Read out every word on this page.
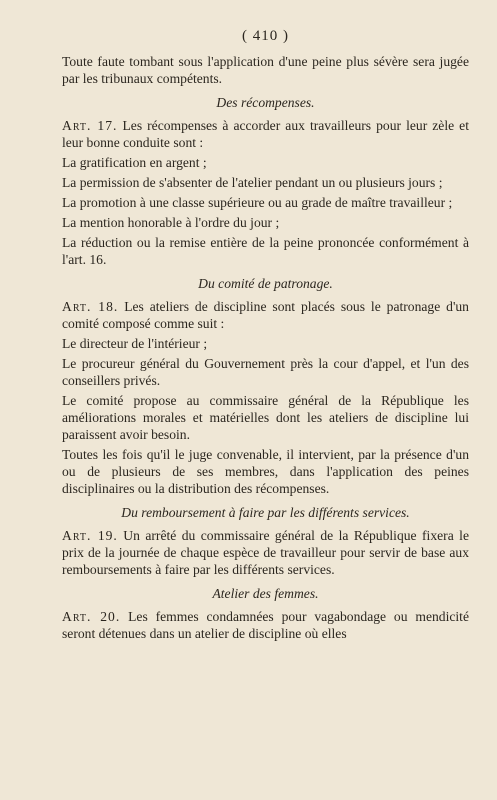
( 410 )

Toute faute tombant sous l'application d'une peine plus sévère sera jugée par les tribunaux compétents.

Des récompenses.

Art. 17. Les récompenses à accorder aux travailleurs pour leur zèle et leur bonne conduite sont :

La gratification en argent ;

La permission de s'absenter de l'atelier pendant un ou plusieurs jours ;

La promotion à une classe supérieure ou au grade de maître travailleur ;

La mention honorable à l'ordre du jour ;

La réduction ou la remise entière de la peine prononcée conformément à l'art. 16.

Du comité de patronage.

Art. 18. Les ateliers de discipline sont placés sous le patronage d'un comité composé comme suit :

Le directeur de l'intérieur ;

Le procureur général du Gouvernement près la cour d'appel, et l'un des conseillers privés.

Le comité propose au commissaire général de la République les améliorations morales et matérielles dont les ateliers de discipline lui paraissent avoir besoin.

Toutes les fois qu'il le juge convenable, il intervient, par la présence d'un ou de plusieurs de ses membres, dans l'application des peines disciplinaires ou la distribution des récompenses.

Du remboursement à faire par les différents services.

Art. 19. Un arrêté du commissaire général de la République fixera le prix de la journée de chaque espèce de travailleur pour servir de base aux remboursements à faire par les différents services.

Atelier des femmes.

Art. 20. Les femmes condamnées pour vagabondage ou mendicité seront détenues dans un atelier de discipline où elles
